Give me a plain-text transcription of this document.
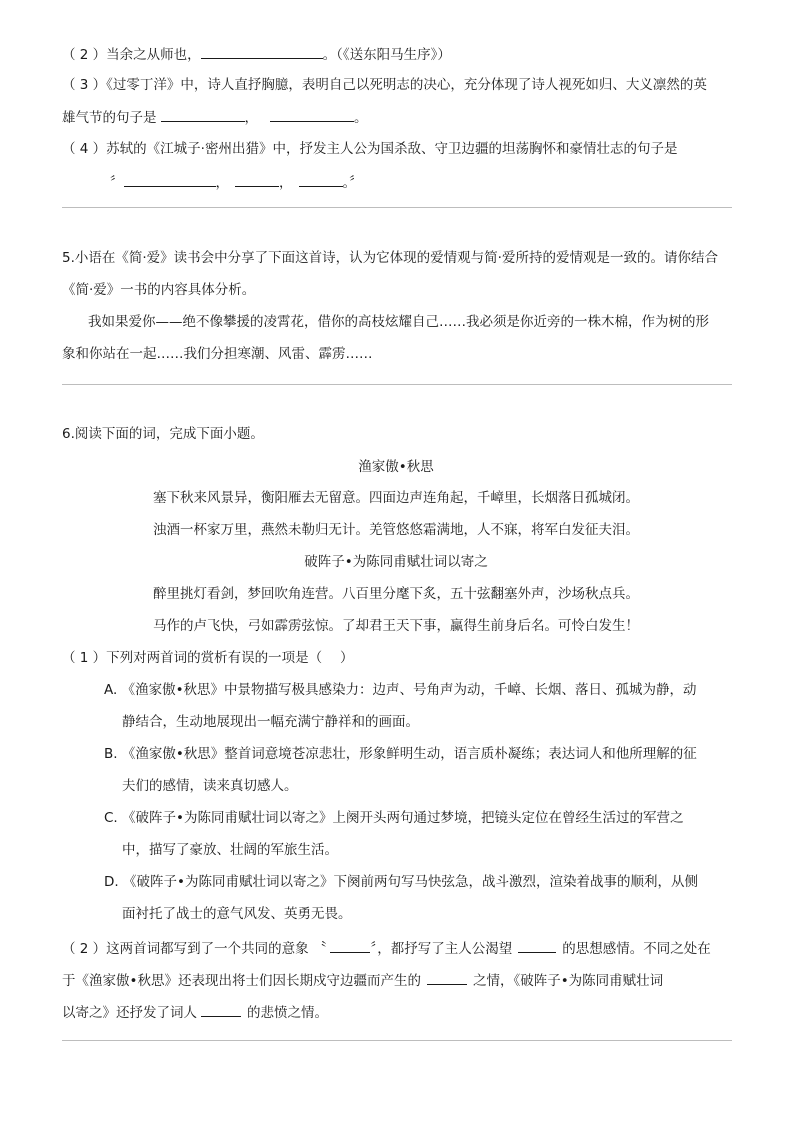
（ 2 ）当余之从师也，	。（《送东阳马生序》）
（ 3 ）《过零丁洋》中，诗人直抒胸臆，表明自己以死明志的决心，充分体现了诗人视死如归、大义凛然的英
雄气节的句子是	，	。
（ 4 ）苏轼的《江城子·密州出猎》中，抒发主人公为国杀敌、守卫边疆的坦荡胸怀和豪情壮志的句子是
〞	，	，	。〞
5.小语在《简·爱》读书会中分享了下面这首诗，认为它体现的爱情观与简·爱所持的爱情观是一致的。请你结合
《简·爱》一书的内容具体分析。
我如果爱你——绝不像攀援的凌霄花，借你的高枝炫耀自己……我必须是你近旁的一株木棉，作为树的形
象和你站在一起……我们分担寒潮、风雷、霹雳……
6.阅读下面的词，完成下面小题。
渔家傲•秋思
塞下秋来风景异，衡阳雁去无留意。四面边声连角起，千嶂里，长烟落日孤城闭。
浊酒一杯家万里，燕然未勒归无计。羌管悠悠霜满地，人不寐，将军白发征夫泪。
破阵子•为陈同甫赋壮词以寄之
醉里挑灯看剑，梦回吹角连营。八百里分麾下炙，五十弦翻塞外声，沙场秋点兵。
马作的卢飞快，弓如霹雳弦惊。了却君王天下事，赢得生前身后名。可怜白发生！
（ 1 ）下列对两首词的赏析有误的一项是（　 ）
A. 《渔家傲•秋思》中景物描写极具感染力：边声、号角声为动，千嶂、长烟、落日、孤城为静，动
静结合，生动地展现出一幅充满宁静祥和的画面。
B. 《渔家傲•秋思》整首词意境苍凉悲壮，形象鲜明生动，语言质朴凝练；表达词人和他所理解的征
夫们的感情，读来真切感人。
C. 《破阵子•为陈同甫赋壮词以寄之》上阕开头两句通过梦境，把镜头定位在曾经生活过的军营之
中，描写了豪放、壮阔的军旅生活。
D. 《破阵子•为陈同甫赋壮词以寄之》下阕前两句写马快弦急，战斗激烈，渲染着战事的顺利，从侧
面衬托了战士的意气风发、英勇无畏。
（ 2 ）这两首词都写到了一个共同的意象 〝	〞，都抒写了主人公渴望	的思想感情。不同之处在
于《渔家傲•秋思》还表现出将士们因长期戍守边疆而产生的	之情，《破阵子•为陈同甫赋壮词
以寄之》还抒发了词人	的悲愤之情。
